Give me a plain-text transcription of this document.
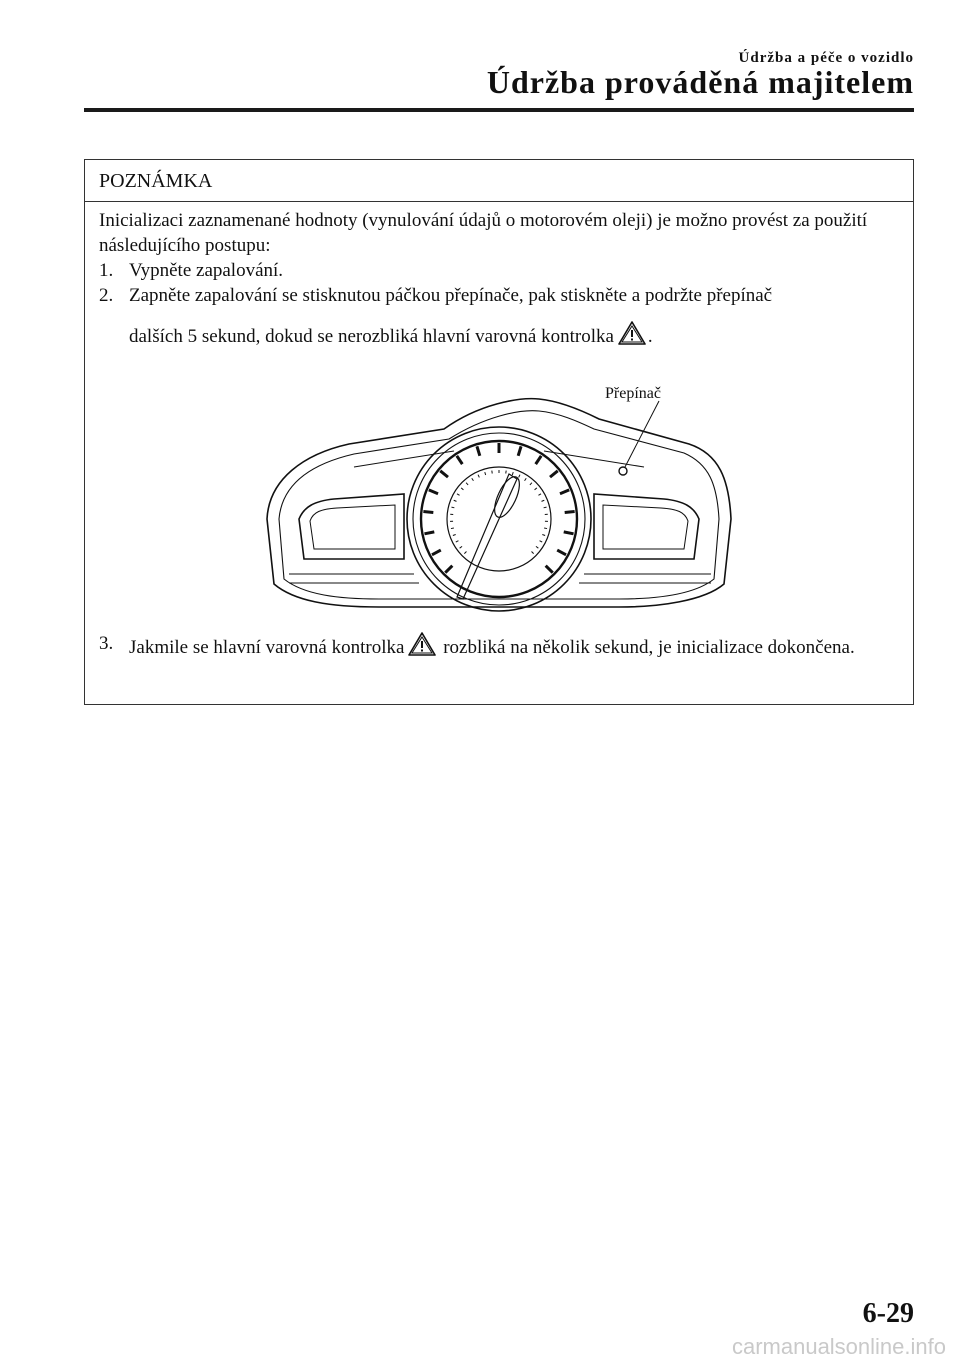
Údržba a péče o vozidlo
Údržba prováděná majitelem
POZNÁMKA

Inicializaci zaznamenané hodnoty (vynulování údajů o motorovém oleji) je možno provést za použití následujícího postupu:

1. Vypněte zapalování.
2. Zapněte zapalování se stisknutou páčkou přepínače, pak stiskněte a podržte přepínač
dalších 5 sekund, dokud se nerozbliká hlavní varovná kontrolka .
Přepínač
3. Jakmile se hlavní varovná kontrolka rozbliká na několik sekund, je inicializace dokončena.
6-29
carmanualsonline.info
